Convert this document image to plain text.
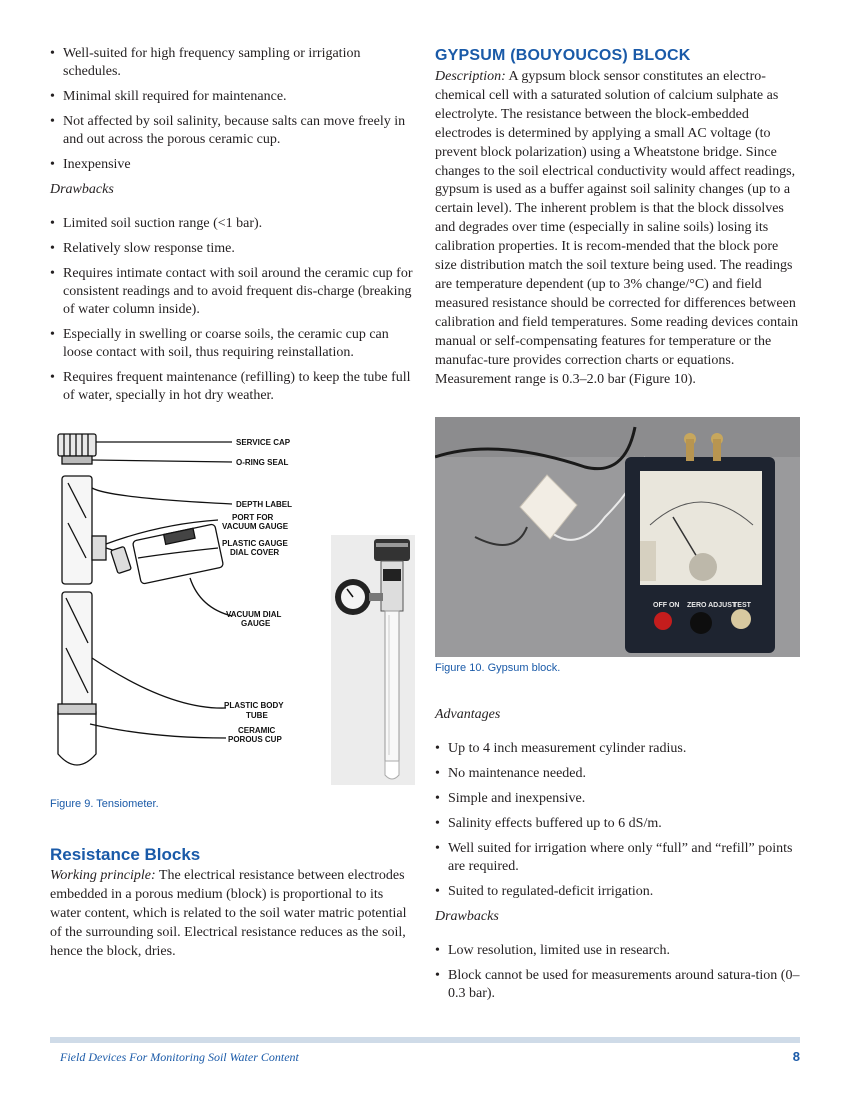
• Well-suited for high frequency sampling or irrigation schedules.
• Minimal skill required for maintenance.
• Not affected by soil salinity, because salts can move freely in and out across the porous ceramic cup.
• Inexpensive

Drawbacks

• Limited soil suction range (<1 bar).
• Relatively slow response time.
• Requires intimate contact with soil around the ceramic cup for consistent readings and to avoid frequent dis-charge (breaking of water column inside).
• Especially in swelling or coarse soils, the ceramic cup can loose contact with soil, thus requiring reinstallation.
• Requires frequent maintenance (refilling) to keep the tube full of water, specially in hot dry weather.
SERVICE CAP
O-RING SEAL
DEPTH LABEL
PORT FOR
VACUUM GAUGE
PLASTIC GAUGE
DIAL COVER
VACUUM DIAL
GAUGE
PLASTIC BODY
TUBE
CERAMIC
POROUS CUP
Figure 9. Tensiometer.
Resistance Blocks

Working principle: The electrical resistance between electrodes embedded in a porous medium (block) is proportional to its water content, which is related to the soil water matric potential of the surrounding soil. Electrical resistance reduces as the soil, hence the block, dries.

GYPSUM (BOUYOUCOS) BLOCK

Description: A gypsum block sensor constitutes an electro-chemical cell with a saturated solution of calcium sulphate as electrolyte. The resistance between the block-embedded electrodes is determined by applying a small AC voltage (to prevent block polarization) using a Wheatstone bridge. Since changes to the soil electrical conductivity would affect readings, gypsum is used as a buffer against soil salinity changes (up to a certain level). The inherent problem is that the block dissolves and degrades over time (especially in saline soils) losing its calibration properties. It is recom-mended that the block pore size distribution match the soil texture being used. The readings are temperature dependent (up to 3% change/°C) and field measured resistance should be corrected for differences between calibration and field temperatures. Some reading devices contain manual or self-compensating features for temperature or the manufac-ture provides correction charts or equations. Measurement range is 0.3–2.0 bar (Figure 10).

OFF ON ZERO ADJUST
TEST
Figure 10. Gypsum block.

Advantages

• Up to 4 inch measurement cylinder radius.
• No maintenance needed.
• Simple and inexpensive.
• Salinity effects buffered up to 6 dS/m.
• Well suited for irrigation where only “full” and “refill” points are required.
• Suited to regulated-deficit irrigation.

Drawbacks

• Low resolution, limited use in research.
• Block cannot be used for measurements around satura-tion (0–0.3 bar).
Field Devices For Monitoring Soil Water Content	8
